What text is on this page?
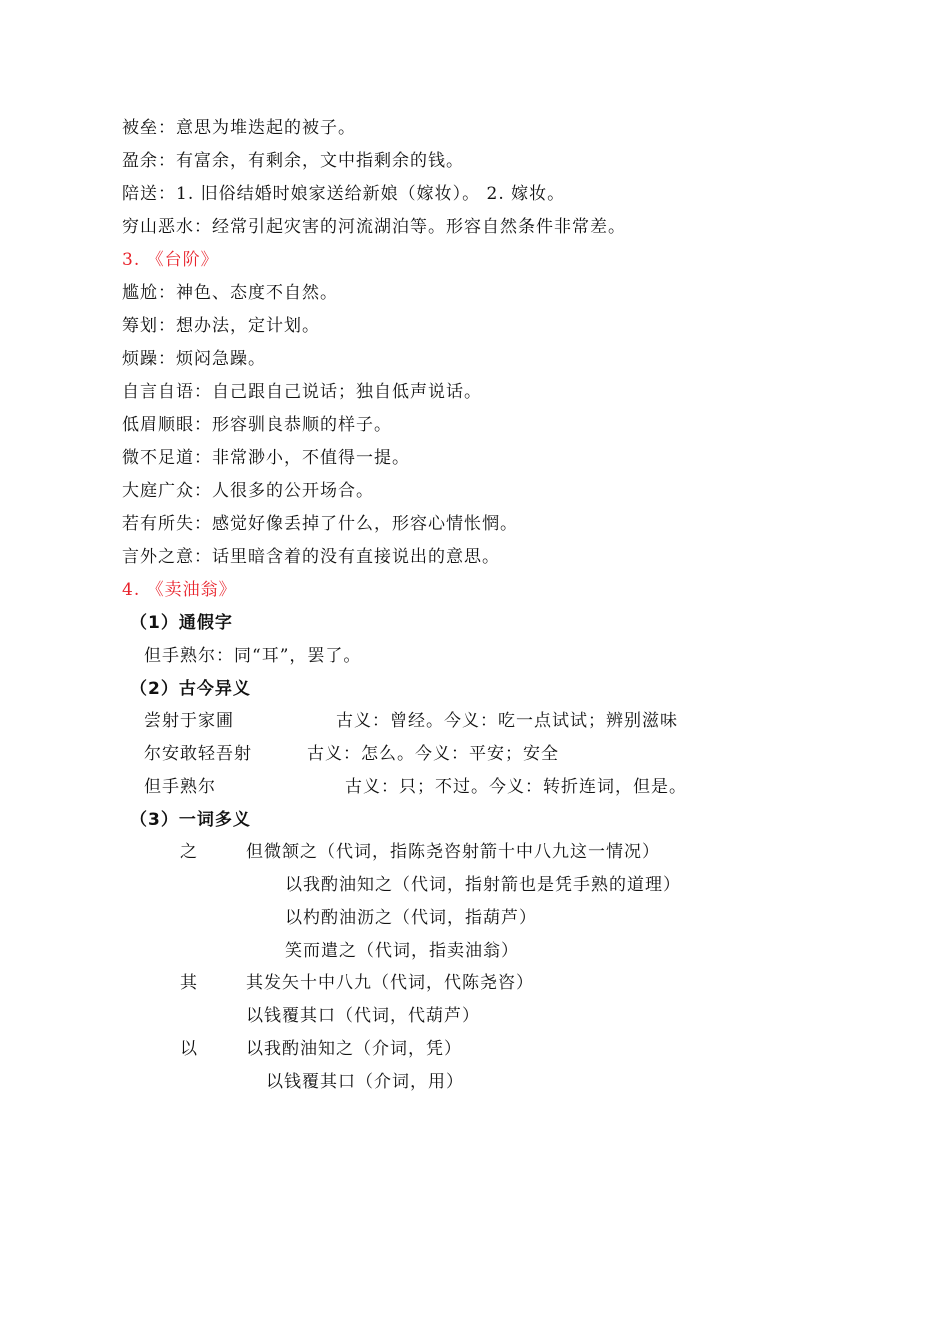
被垒：意思为堆迭起的被子。
盈余：有富余，有剩余，文中指剩余的钱。
陪送：1. 旧俗结婚时娘家送给新娘（嫁妆）。 2. 嫁妆。
穷山恶水：经常引起灾害的河流湖泊等。形容自然条件非常差。
3. 《台阶》
尴尬：神色、态度不自然。
筹划：想办法，定计划。
烦躁：烦闷急躁。
自言自语：自己跟自己说话；独自低声说话。
低眉顺眼：形容驯良恭顺的样子。
微不足道：非常渺小，不值得一提。
大庭广众：人很多的公开场合。
若有所失：感觉好像丢掉了什么，形容心情怅惘。
言外之意：话里暗含着的没有直接说出的意思。
4. 《卖油翁》
（1）通假字
但手熟尔：同“耳”，罢了。
（2）古今异义
尝射于家圃	古义：曾经。今义：吃一点试试；辨别滋味
尔安敢轻吾射	古义：怎么。今义：平安；安全
但手熟尔	古义：只；不过。今义：转折连词，但是。
（3）一词多义
之	但微颔之（代词，指陈尧咨射箭十中八九这一情况）
以我酌油知之（代词，指射箭也是凭手熟的道理）
以杓酌油沥之（代词，指葫芦）
笑而遣之（代词，指卖油翁）
其	其发矢十中八九（代词，代陈尧咨）
以钱覆其口（代词，代葫芦）
以	以我酌油知之（介词，凭）
以钱覆其口（介词，用）
